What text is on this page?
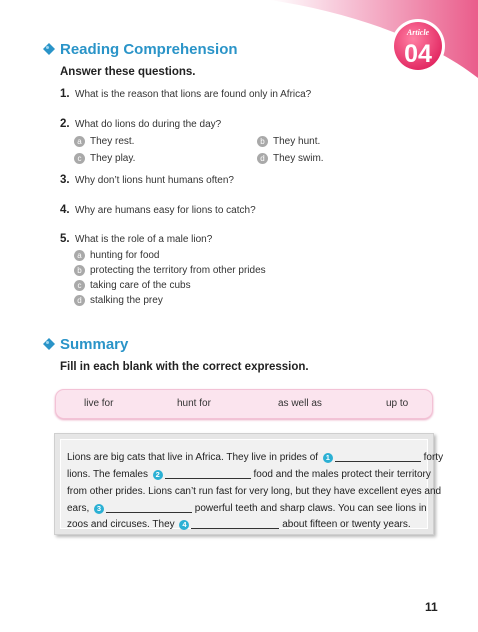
Article
04
Reading Comprehension
Answer these questions.
1. What is the reason that lions are found only in Africa?
2. What do lions do during the day?
a They rest.	b They hunt.
c They play.	d They swim.
3. Why don’t lions hunt humans often?
4. Why are humans easy for lions to catch?
5. What is the role of a male lion?
a hunting for food
b protecting the territory from other prides
c taking care of the cubs
d stalking the prey
Summary
Fill in each blank with the correct expression.
live for	hunt for	as well as	up to
Lions are big cats that live in Africa. They live in prides of 1	forty
lions. The females 2	food and the males protect their territory
from other prides. Lions can’t run fast for very long, but they have excellent eyes and
ears, 3	powerful teeth and sharp claws. You can see lions in
zoos and circuses. They 4	about fifteen or twenty years.
11
